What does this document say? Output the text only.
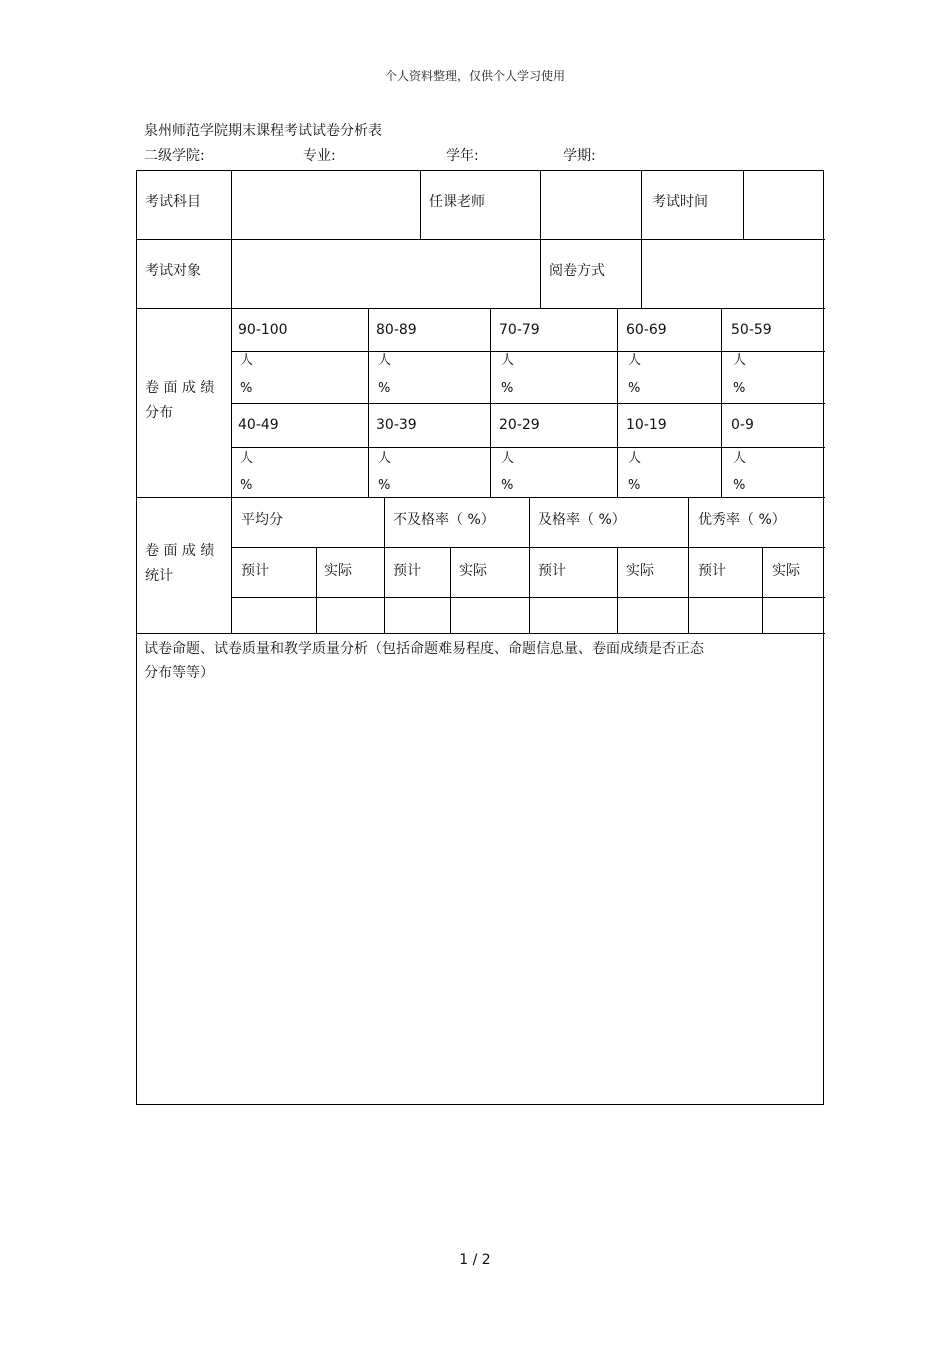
个人资料整理，仅供个人学习使用
泉州师范学院期末课程考试试卷分析表
二级学院:	专业:	学年:	学期:
考试科目	任课老师	考试时间
考试对象	阅卷方式
卷 面 成 绩
分布
90-100	80-89	70-79	60-69	50-59
人	人	人	人	人
%	%	%	%	%
40-49	30-39	20-29	10-19	0-9
人	人	人	人	人
%	%	%	%	%
卷 面 成 绩
统计
平均分	不及格率（ %）	及格率（ %）	优秀率（ %）
预计	实际	预计	实际	预计	实际	预计	实际
试卷命题、试卷质量和教学质量分析（包括命题难易程度、命题信息量、卷面成绩是否正态
分布等等）
1 / 2
